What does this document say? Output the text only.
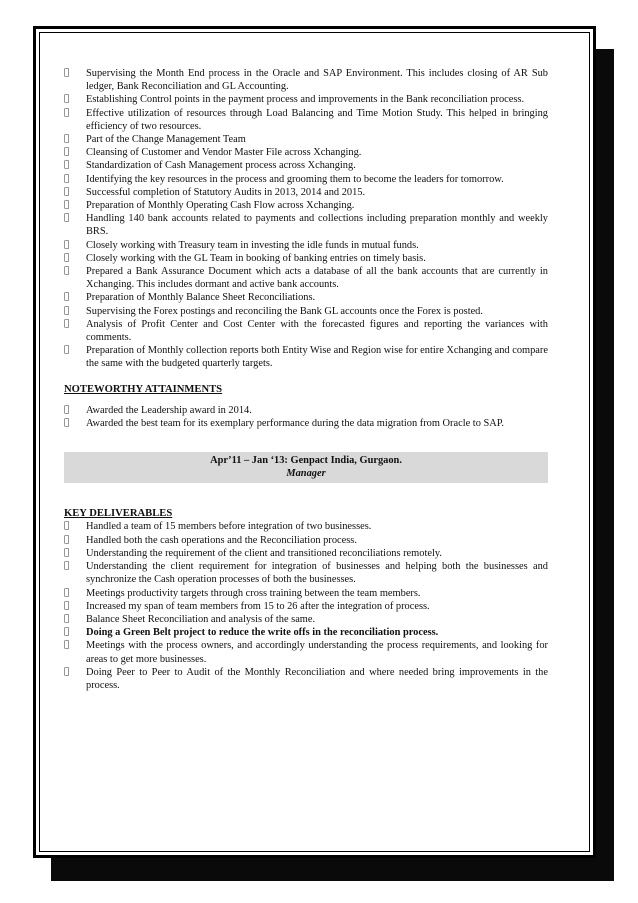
Supervising the Month End process in the Oracle and SAP Environment. This includes closing of AR Sub ledger, Bank Reconciliation and GL Accounting.
Establishing Control points in the payment process and improvements in the Bank reconciliation process.
Effective utilization of resources through Load Balancing and Time Motion Study. This helped in bringing efficiency of two resources.
Part of the Change Management Team
Cleansing of Customer and Vendor Master File across Xchanging.
Standardization of Cash Management process across Xchanging.
Identifying the key resources in the process and grooming them to become the leaders for tomorrow.
Successful completion of Statutory Audits in 2013, 2014 and 2015.
Preparation of Monthly Operating Cash Flow across Xchanging.
Handling 140 bank accounts related to payments and collections including preparation monthly and weekly BRS.
Closely working with Treasury team in investing the idle funds in mutual funds.
Closely working with the GL Team in booking of banking entries on timely basis.
Prepared a Bank Assurance Document which acts a database of all the bank accounts that are currently in Xchanging. This includes dormant and active bank accounts.
Preparation of Monthly Balance Sheet Reconciliations.
Supervising the Forex postings and reconciling the Bank GL accounts once the Forex is posted.
Analysis of Profit Center and Cost Center with the forecasted figures and reporting the variances with comments.
Preparation of Monthly collection reports both Entity Wise and Region wise for entire Xchanging and compare the same with the budgeted quarterly targets.

NOTEWORTHY ATTAINMENTS

Awarded the Leadership award in 2014.
Awarded the best team for its exemplary performance during the data migration from Oracle to SAP.
Apr’11 – Jan ‘13: Genpact India, Gurgaon.
Manager

KEY DELIVERABLES

Handled a team of 15 members before integration of two businesses.
Handled both the cash operations and the Reconciliation process.
Understanding the requirement of the client and transitioned reconciliations remotely.
Understanding the client requirement for integration of businesses and helping both the businesses and synchronize the Cash operation processes of both the businesses.
Meetings productivity targets through cross training between the team members.
Increased my span of team members from 15 to 26 after the integration of process.
Balance Sheet Reconciliation and analysis of the same.
Doing a Green Belt project to reduce the write offs in the reconciliation process.
Meetings with the process owners, and accordingly understanding the process requirements, and looking for areas to get more businesses.
Doing Peer to Peer to Audit of the Monthly Reconciliation and where needed bring improvements in the process.
